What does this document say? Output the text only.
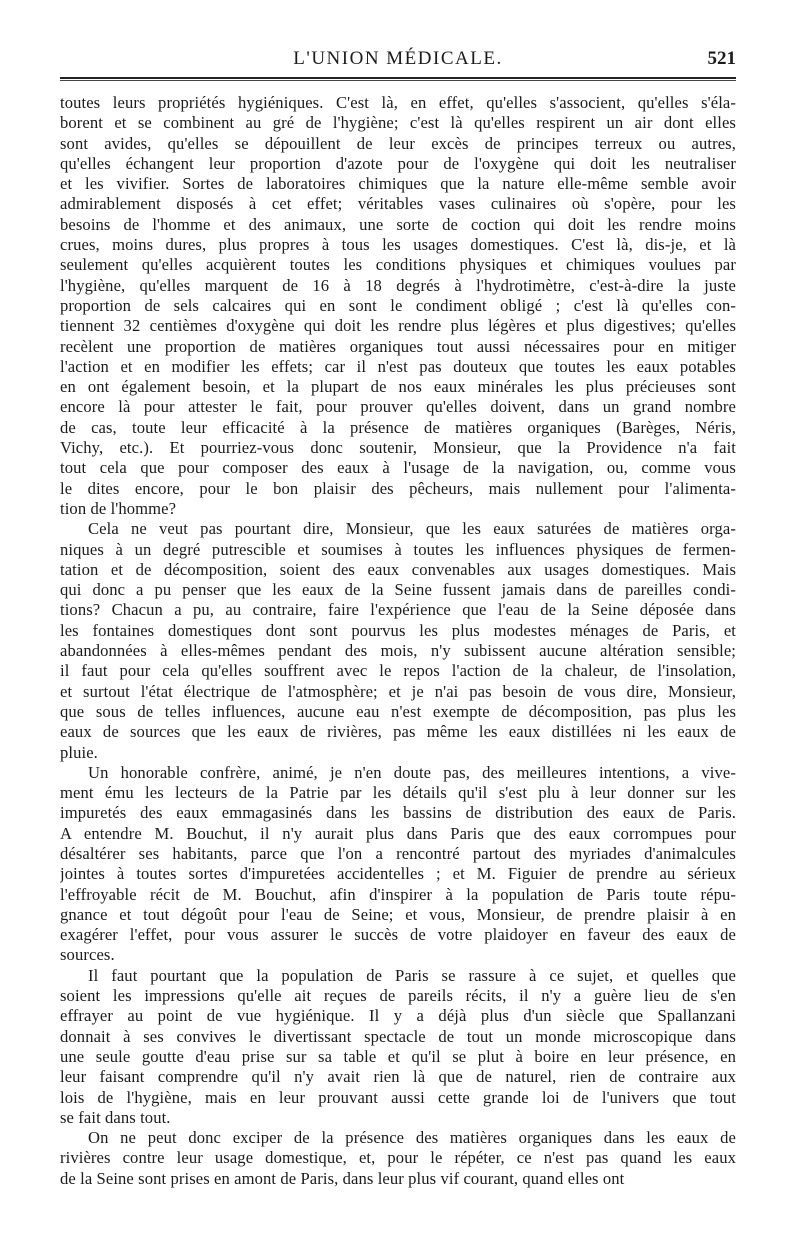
L'UNION MÉDICALE.	521

toutes leurs propriétés hygiéniques. C'est là, en effet, qu'elles s'associent, qu'elles s'éla-
borent et se combinent au gré de l'hygiène; c'est là qu'elles respirent un air dont elles
sont avides, qu'elles se dépouillent de leur excès de principes terreux ou autres,
qu'elles échangent leur proportion d'azote pour de l'oxygène qui doit les neutraliser
et les vivifier. Sortes de laboratoires chimiques que la nature elle-même semble avoir
admirablement disposés à cet effet; véritables vases culinaires où s'opère, pour les
besoins de l'homme et des animaux, une sorte de coction qui doit les rendre moins
crues, moins dures, plus propres à tous les usages domestiques. C'est là, dis-je, et là
seulement qu'elles acquièrent toutes les conditions physiques et chimiques voulues par
l'hygiène, qu'elles marquent de 16 à 18 degrés à l'hydrotimètre, c'est-à-dire la juste
proportion de sels calcaires qui en sont le condiment obligé ; c'est là qu'elles con-
tiennent 32 centièmes d'oxygène qui doit les rendre plus légères et plus digestives; qu'elles
recèlent une proportion de matières organiques tout aussi nécessaires pour en mitiger
l'action et en modifier les effets; car il n'est pas douteux que toutes les eaux potables
en ont également besoin, et la plupart de nos eaux minérales les plus précieuses sont
encore là pour attester le fait, pour prouver qu'elles doivent, dans un grand nombre
de cas, toute leur efficacité à la présence de matières organiques (Barèges, Néris,
Vichy, etc.). Et pourriez-vous donc soutenir, Monsieur, que la Providence n'a fait
tout cela que pour composer des eaux à l'usage de la navigation, ou, comme vous
le dites encore, pour le bon plaisir des pêcheurs, mais nullement pour l'alimenta-
tion de l'homme?

Cela ne veut pas pourtant dire, Monsieur, que les eaux saturées de matières orga-
niques à un degré putrescible et soumises à toutes les influences physiques de fermen-
tation et de décomposition, soient des eaux convenables aux usages domestiques. Mais
qui donc a pu penser que les eaux de la Seine fussent jamais dans de pareilles condi-
tions? Chacun a pu, au contraire, faire l'expérience que l'eau de la Seine déposée dans
les fontaines domestiques dont sont pourvus les plus modestes ménages de Paris, et
abandonnées à elles-mêmes pendant des mois, n'y subissent aucune altération sensible;
il faut pour cela qu'elles souffrent avec le repos l'action de la chaleur, de l'insolation,
et surtout l'état électrique de l'atmosphère; et je n'ai pas besoin de vous dire, Monsieur,
que sous de telles influences, aucune eau n'est exempte de décomposition, pas plus les
eaux de sources que les eaux de rivières, pas même les eaux distillées ni les eaux de
pluie.

Un honorable confrère, animé, je n'en doute pas, des meilleures intentions, a vive-
ment ému les lecteurs de la Patrie par les détails qu'il s'est plu à leur donner sur les
impuretés des eaux emmagasinés dans les bassins de distribution des eaux de Paris.
A entendre M. Bouchut, il n'y aurait plus dans Paris que des eaux corrompues pour
désaltérer ses habitants, parce que l'on a rencontré partout des myriades d'animalcules
jointes à toutes sortes d'impuretées accidentelles ; et M. Figuier de prendre au sérieux
l'effroyable récit de M. Bouchut, afin d'inspirer à la population de Paris toute répu-
gnance et tout dégoût pour l'eau de Seine; et vous, Monsieur, de prendre plaisir à en
exagérer l'effet, pour vous assurer le succès de votre plaidoyer en faveur des eaux de
sources.

Il faut pourtant que la population de Paris se rassure à ce sujet, et quelles que
soient les impressions qu'elle ait reçues de pareils récits, il n'y a guère lieu de s'en
effrayer au point de vue hygiénique. Il y a déjà plus d'un siècle que Spallanzani
donnait à ses convives le divertissant spectacle de tout un monde microscopique dans
une seule goutte d'eau prise sur sa table et qu'il se plut à boire en leur présence, en
leur faisant comprendre qu'il n'y avait rien là que de naturel, rien de contraire aux
lois de l'hygiène, mais en leur prouvant aussi cette grande loi de l'univers que tout
se fait dans tout.

On ne peut donc exciper de la présence des matières organiques dans les eaux de
rivières contre leur usage domestique, et, pour le répéter, ce n'est pas quand les eaux
de la Seine sont prises en amont de Paris, dans leur plus vif courant, quand elles ont
